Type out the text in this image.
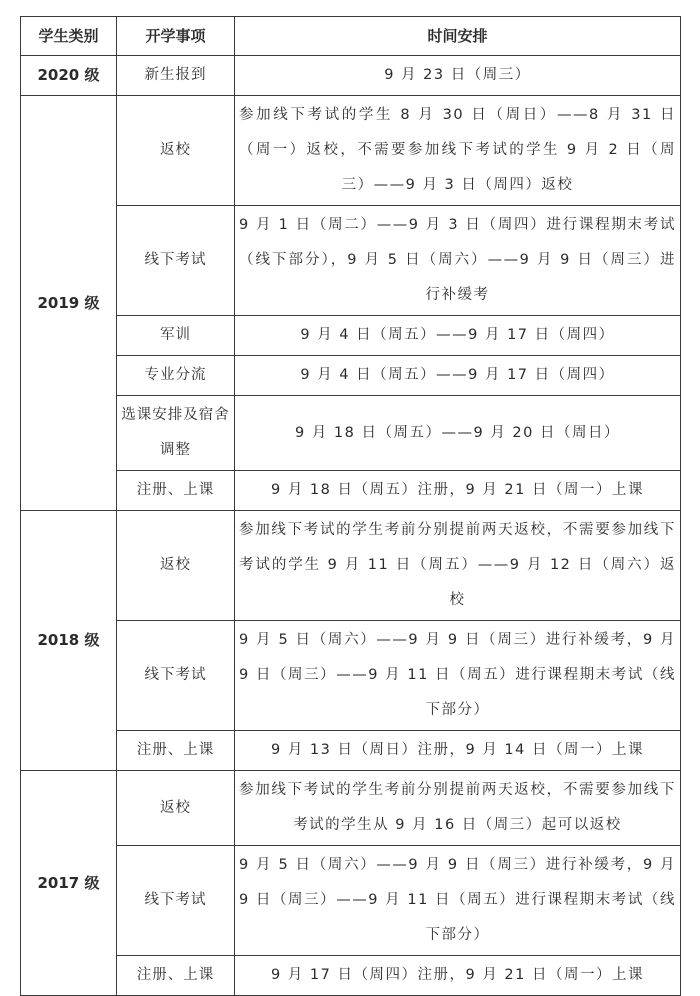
学生类别	开学事项	时间安排
2020 级	新生报到	9 月 23 日（周三）
2019 级	返校	参加线下考试的学生 8 月 30 日（周日）——8 月 31 日（周一）返校，不需要参加线下考试的学生 9 月 2 日（周三）——9 月 3 日（周四）返校
	线下考试	9 月 1 日（周二）——9 月 3 日（周四）进行课程期末考试（线下部分），9 月 5 日（周六）——9 月 9 日（周三）进行补缓考
	军训	9 月 4 日（周五）——9 月 17 日（周四）
	专业分流	9 月 4 日（周五）——9 月 17 日（周四）
	选课安排及宿舍调整	9 月 18 日（周五）——9 月 20 日（周日）
	注册、上课	9 月 18 日（周五）注册，9 月 21 日（周一）上课
2018 级	返校	参加线下考试的学生考前分别提前两天返校，不需要参加线下考试的学生 9 月 11 日（周五）——9 月 12 日（周六）返校
	线下考试	9 月 5 日（周六）——9 月 9 日（周三）进行补缓考，9 月 9 日（周三）——9 月 11 日（周五）进行课程期末考试（线下部分）
	注册、上课	9 月 13 日（周日）注册，9 月 14 日（周一）上课
2017 级	返校	参加线下考试的学生考前分别提前两天返校，不需要参加线下考试的学生从 9 月 16 日（周三）起可以返校
	线下考试	9 月 5 日（周六）——9 月 9 日（周三）进行补缓考，9 月 9 日（周三）——9 月 11 日（周五）进行课程期末考试（线下部分）
	注册、上课	9 月 17 日（周四）注册，9 月 21 日（周一）上课
